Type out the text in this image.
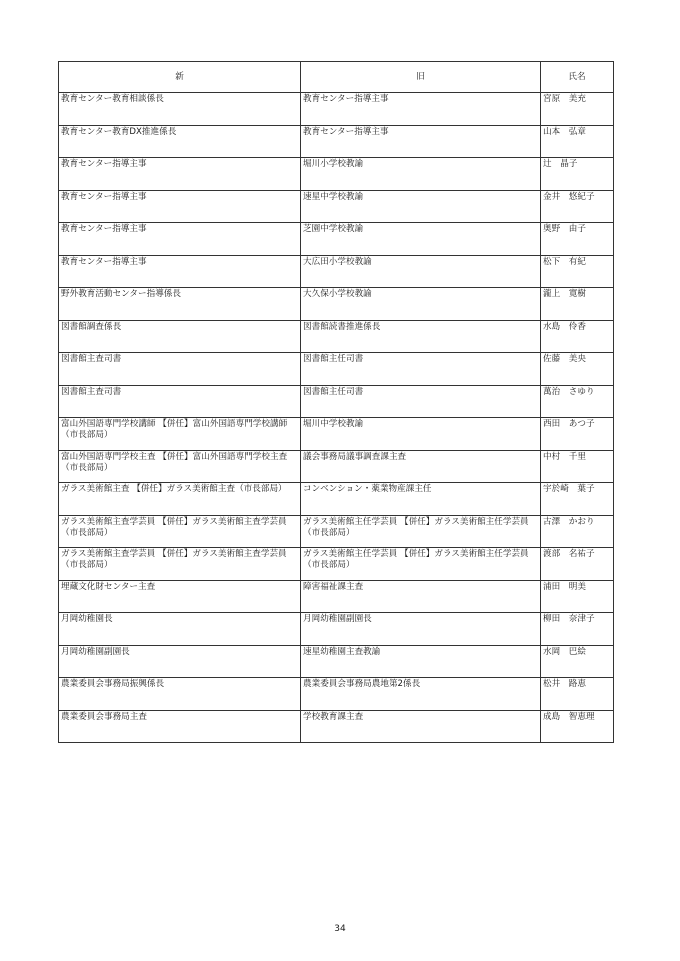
新	旧	氏名
教育センター教育相談係長	教育センター指導主事	宮原　美充
教育センター教育DX推進係長	教育センター指導主事	山本　弘章
教育センター指導主事	堀川小学校教諭	辻　晶子
教育センター指導主事	速星中学校教諭	金井　悠紀子
教育センター指導主事	芝園中学校教諭	奥野　由子
教育センター指導主事	大広田小学校教諭	松下　有紀
野外教育活動センター指導係長	大久保小学校教諭	瀧上　寛樹
図書館調査係長	図書館読書推進係長	水島　伶香
図書館主査司書	図書館主任司書	佐藤　美央
図書館主査司書	図書館主任司書	萬治　さゆり
富山外国語専門学校講師 【併任】富山外国語専門学校講師（市長部局）	堀川中学校教諭	西田　あつ子
富山外国語専門学校主査 【併任】富山外国語専門学校主査（市長部局）	議会事務局議事調査課主査	中村　千里
ガラス美術館主査 【併任】ガラス美術館主査（市長部局）	コンベンション・薬業物産課主任	宇於崎　葉子
ガラス美術館主査学芸員 【併任】ガラス美術館主査学芸員（市長部局）	ガラス美術館主任学芸員 【併任】ガラス美術館主任学芸員（市長部局）	古澤　かおり
ガラス美術館主査学芸員 【併任】ガラス美術館主査学芸員（市長部局）	ガラス美術館主任学芸員 【併任】ガラス美術館主任学芸員（市長部局）	渡部　名祐子
埋蔵文化財センター主査	障害福祉課主査	浦田　明美
月岡幼稚園長	月岡幼稚園副園長	柳田　奈津子
月岡幼稚園副園長	速星幼稚園主査教諭	水岡　巴絵
農業委員会事務局振興係長	農業委員会事務局農地第2係長	松井　路恵
農業委員会事務局主査	学校教育課主査	成島　智恵理
34
